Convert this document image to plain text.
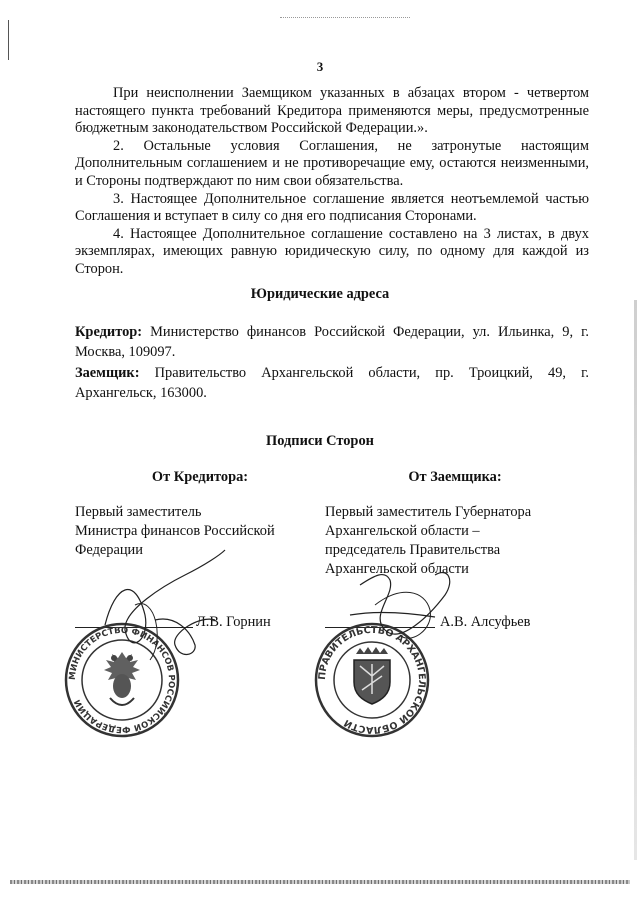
3

При неисполнении Заемщиком указанных в абзацах втором - четвертом настоящего пункта требований Кредитора применяются меры, предусмотренные бюджетным законодательством Российской Федерации.».

2. Остальные условия Соглашения, не затронутые настоящим Дополнительным соглашением и не противоречащие ему, остаются неизменными, и Стороны подтверждают по ним свои обязательства.

3. Настоящее Дополнительное соглашение является неотъемлемой частью Соглашения и вступает в силу со дня его подписания Сторонами.

4. Настоящее Дополнительное соглашение составлено на 3 листах, в двух экземплярах, имеющих равную юридическую силу, по одному для каждой из Сторон.

Юридические адреса

Кредитор: Министерство финансов Российской Федерации, ул. Ильинка, 9, г. Москва, 109097.

Заемщик: Правительство Архангельской области, пр. Троицкий, 49, г. Архангельск, 163000.

Подписи Сторон
От Кредитора:	От Заемщика:

Первый заместитель
Министра финансов Российской
Федерации

Первый заместитель Губернатора
Архангельской области –
председатель Правительства
Архангельской области

Л.В. Горнин	А.В. Алсуфьев
МИНИСТЕРСТВО ФИНАНСОВ РОССИЙСКОЙ ФЕДЕРАЦИИ
ПРАВИТЕЛЬСТВО АРХАНГЕЛЬСКОЙ ОБЛАСТИ
